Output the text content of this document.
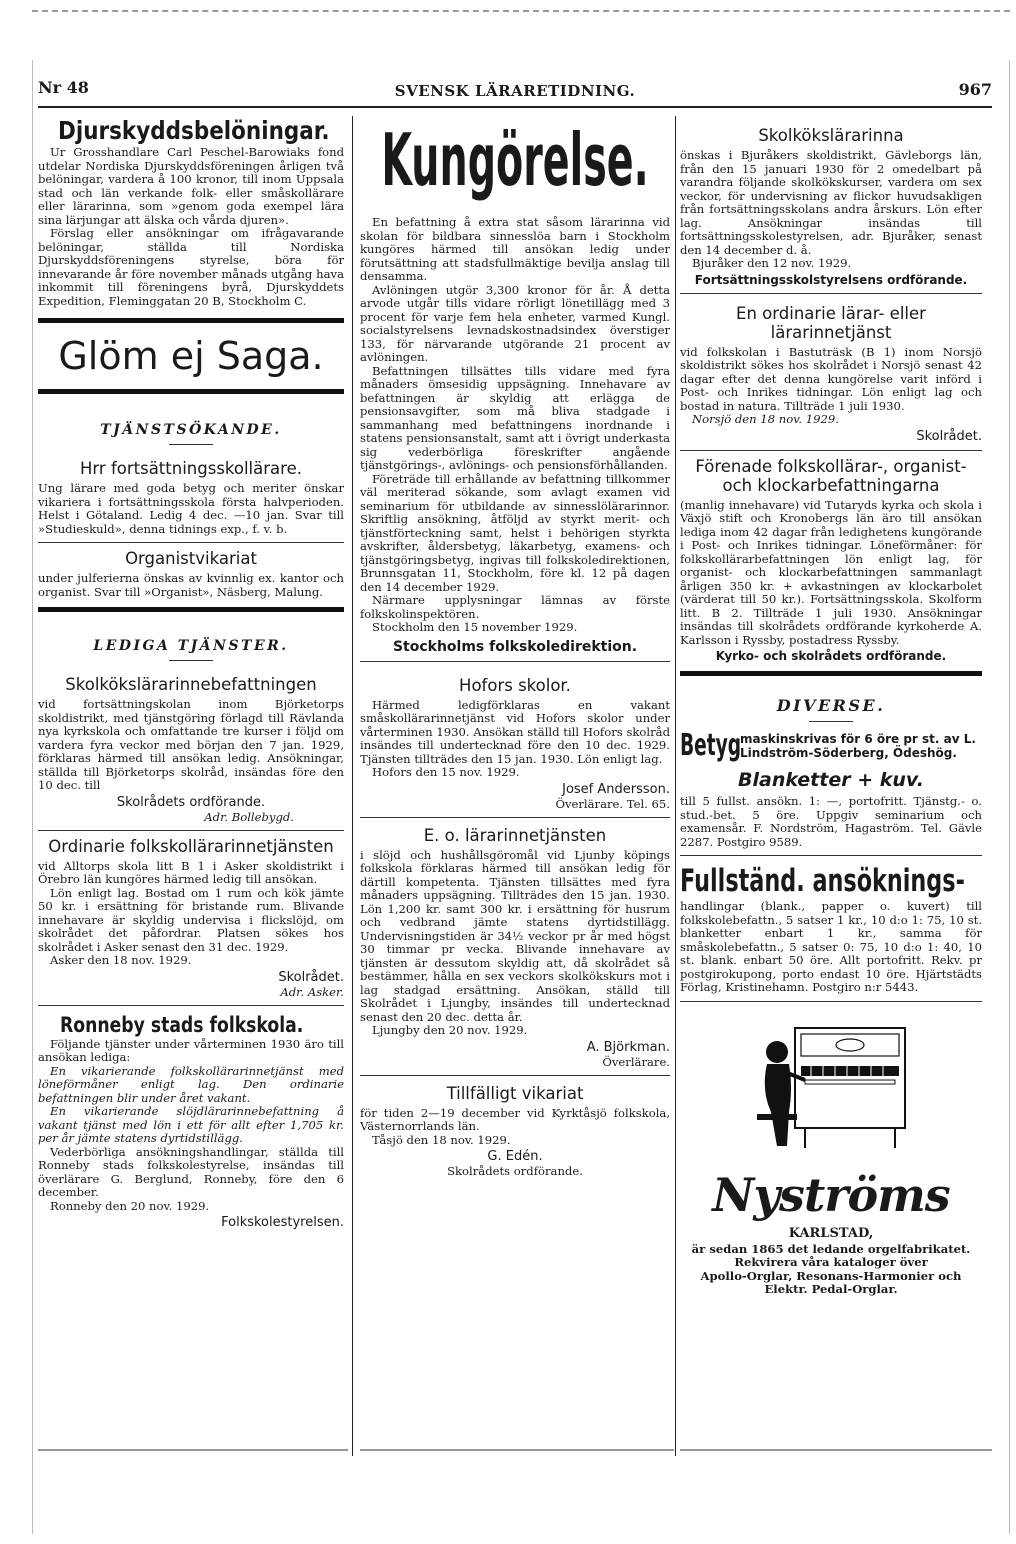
Nr 48	SVENSK LÄRARETIDNING.	967
Djurskyddsbelöningar.

Ur Grosshandlare Carl Peschel-Barowiaks fond utdelar Nordiska Djurskyddsföreningen årligen två belöningar, vardera å 100 kronor, till inom Uppsala stad och län verkande folk- eller småskollärare eller lärarinna, som »genom goda exempel lära sina lärjungar att älska och vårda djuren».

Förslag eller ansökningar om ifrågavarande belöningar, ställda till Nordiska Djurskyddsföreningens styrelse, böra för innevarande år före november månads utgång hava inkommit till föreningens byrå, Djurskyddets Expedition, Fleminggatan 20 B, Stockholm C.

Glöm ej Saga.
TJÄNSTSÖKANDE.
Hrr fortsättningsskollärare.

Ung lärare med goda betyg och meriter önskar vikariera i fortsättningsskola första halvperioden. Helst i Götaland. Ledig 4 dec. —10 jan. Svar till »Studieskuld», denna tidnings exp., f. v. b.

Organistvikariat

under julferierna önskas av kvinnlig ex. kantor och organist. Svar till »Organist», Näsberg, Malung.

LEDIGA TJÄNSTER.
Skolkökslärarinnebefattningen

vid fortsättningskolan inom Björketorps skoldistrikt, med tjänstgöring förlagd till Rävlanda nya kyrkskola och omfattande tre kurser i följd om vardera fyra veckor med början den 7 jan. 1929, förklaras härmed till ansökan ledig. Ansökningar, ställda till Björketorps skolråd, insändas före den 10 dec. till

Skolrådets ordförande.

Adr. Bollebygd.

Ordinarie folkskollärarinnetjänsten

vid Alltorps skola litt B 1 i Asker skoldistrikt i Örebro län kungöres härmed ledig till ansökan.

Lön enligt lag. Bostad om 1 rum och kök jämte 50 kr. i ersättning för bristande rum. Blivande innehavare är skyldig undervisa i flickslöjd, om skolrådet det påfordrar. Platsen sökes hos skolrådet i Asker senast den 31 dec. 1929.

Asker den 18 nov. 1929.

Skolrådet.

Adr. Asker.

Ronneby stads folkskola.

Följande tjänster under vårterminen 1930 äro till ansökan lediga:

En vikarierande folkskollärarinnetjänst med löneförmåner enligt lag. Den ordinarie befattningen blir under året vakant.

En vikarierande slöjdlärarinnebefattning å vakant tjänst med lön i ett för allt efter 1,705 kr. per år jämte statens dyrtidstillägg.

Vederbörliga ansökningshandlingar, ställda till Ronneby stads folkskolestyrelse, insändas till överlärare G. Berglund, Ronneby, före den 6 december.

Ronneby den 20 nov. 1929.

Folkskolestyrelsen.
Kungörelse.

En befattning å extra stat såsom lärarinna vid skolan för bildbara sinnesslöa barn i Stockholm kungöres härmed till ansökan ledig under förutsättning att stadsfullmäktige bevilja anslag till densamma.

Avlöningen utgör 3,300 kronor för år. Å detta arvode utgår tills vidare rörligt lönetillägg med 3 procent för varje fem hela enheter, varmed Kungl. socialstyrelsens levnadskostnadsindex överstiger 133, för närvarande utgörande 21 procent av avlöningen.

Befattningen tillsättes tills vidare med fyra månaders ömsesidig uppsägning. Innehavare av befattningen är skyldig att erlägga de pensionsavgifter, som må bliva stadgade i sammanhang med befattningens inordnande i statens pensionsanstalt, samt att i övrigt underkasta sig vederbörliga föreskrifter angående tjänstgörings-, avlönings- och pensionsförhållanden.

Företräde till erhållande av befattning tillkommer väl meriterad sökande, som avlagt examen vid seminarium för utbildande av sinnesslölärarinnor. Skriftlig ansökning, åtföljd av styrkt merit- och tjänstförteckning samt, helst i behörigen styrkta avskrifter, åldersbetyg, läkarbetyg, examens- och tjänstgöringsbetyg, ingivas till folkskoledirektionen, Brunnsgatan 11, Stockholm, före kl. 12 på dagen den 14 december 1929.

Närmare upplysningar lämnas av förste folkskolinspektören.

Stockholm den 15 november 1929.

Stockholms folkskoledirektion.
Hofors skolor.

Härmed ledigförklaras en vakant småskollärarinnetjänst vid Hofors skolor under vårterminen 1930. Ansökan ställd till Hofors skolråd insändes till undertecknad före den 10 dec. 1929. Tjänsten tillträdes den 15 jan. 1930. Lön enligt lag.

Hofors den 15 nov. 1929.

Josef Andersson.

Överlärare. Tel. 65.

E. o. lärarinnetjänsten

i slöjd och hushållsgöromål vid Ljunby köpings folkskola förklaras härmed till ansökan ledig för därtill kompetenta. Tjänsten tillsättes med fyra månaders uppsägning. Tillträdes den 15 jan. 1930. Lön 1,200 kr. samt 300 kr. i ersättning för husrum och vedbrand jämte statens dyrtidstillägg. Undervisningstiden är 34½ veckor pr år med högst 30 timmar pr vecka. Blivande innehavare av tjänsten är dessutom skyldig att, då skolrådet så bestämmer, hålla en sex veckors skolkökskurs mot i lag stadgad ersättning. Ansökan, ställd till Skolrådet i Ljungby, insändes till undertecknad senast den 20 dec. detta år.

Ljungby den 20 nov. 1929.

A. Björkman.

Överlärare.

Tillfälligt vikariat

för tiden 2—19 december vid Kyrktåsjö folkskola, Västernorrlands län.

Tåsjö den 18 nov. 1929.

G. Edén.

Skolrådets ordförande.

Skolkökslärarinna

önskas i Bjuråkers skoldistrikt, Gävleborgs län, från den 15 januari 1930 för 2 omedelbart på varandra följande skolkökskurser, vardera om sex veckor, för undervisning av flickor huvudsakligen från fortsättningsskolans andra årskurs. Lön efter lag. Ansökningar insändas till fortsättningsskolestyrelsen, adr. Bjuråker, senast den 14 december d. å.

Bjuråker den 12 nov. 1929.

Fortsättningsskolstyrelsens ordförande.
En ordinarie lärar- eller lärarinnetjänst

vid folkskolan i Bastuträsk (B 1) inom Norsjö skoldistrikt sökes hos skolrådet i Norsjö senast 42 dagar efter det denna kungörelse varit införd i Post- och Inrikes tidningar. Lön enligt lag och bostad in natura. Tillträde 1 juli 1930.

Norsjö den 18 nov. 1929.

Skolrådet.
Förenade folkskollärar-, organist- och klockarbefattningarna

(manlig innehavare) vid Tutaryds kyrka och skola i Växjö stift och Kronobergs län äro till ansökan lediga inom 42 dagar från ledighetens kungörande i Post- och Inrikes tidningar. Löneförmåner: för folkskollärarbefattningen lön enligt lag, för organist- och klockarbefattningen sammanlagt årligen 350 kr. + avkastningen av klockarbolet (värderat till 50 kr.). Fortsättningsskola. Skolform litt. B 2. Tillträde 1 juli 1930. Ansökningar insändas till skolrådets ordförande kyrkoherde A. Karlsson i Ryssby, postadress Ryssby.

Kyrko- och skolrådets ordförande.
DIVERSE.
Betyg
maskinskrivas för 6 öre pr st. av L.
Lindström-Söderberg, Ödeshög.
Blanketter + kuv.

till 5 fullst. ansökn. 1: —, portofritt. Tjänstg.- o. stud.-bet. 5 öre. Uppgiv seminarium och examensår. F. Nordström, Hagaström. Tel. Gävle 2287. Postgiro 9589.

Fullständ. ansöknings-

handlingar (blank., papper o. kuvert) till folkskolebefattn., 5 satser 1 kr., 10 d:o 1: 75, 10 st. blanketter enbart 1 kr., samma för småskolebefattn., 5 satser 0: 75, 10 d:o 1: 40, 10 st. blank. enbart 50 öre. Allt portofritt. Rekv. pr postgirokupong, porto endast 10 öre. Hjärtstädts Förlag, Kristinehamn. Postgiro n:r 5443.

Nyströms
KARLSTAD,

är sedan 1865 det ledande orgelfabrikatet. Rekvirera våra kataloger över

Apollo-Orglar, Resonans-Harmonier och Elektr. Pedal-Orglar.
